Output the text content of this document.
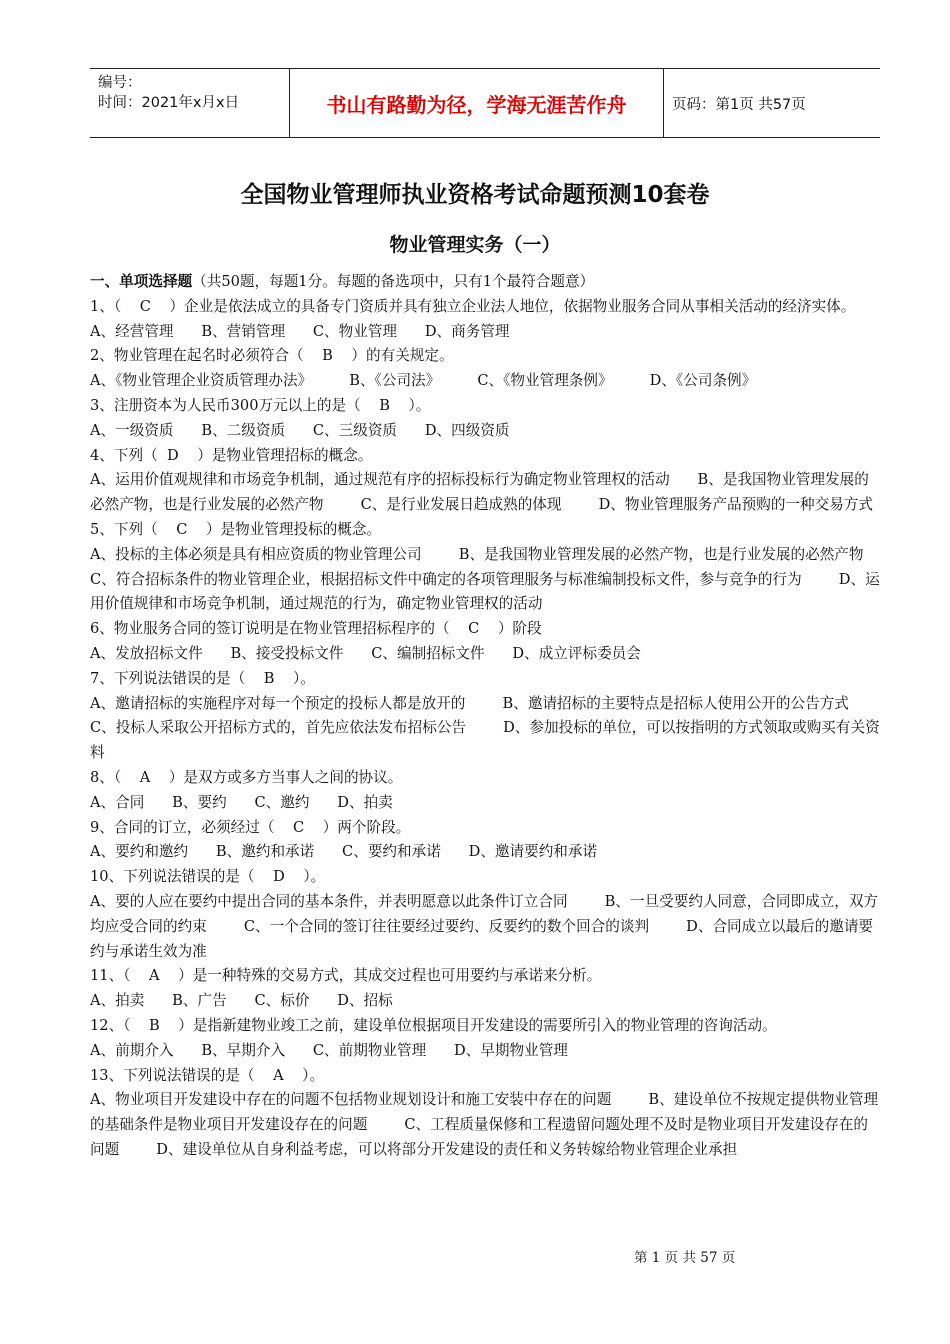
编号：
时间：2021年x月x日	书山有路勤为径，学海无涯苦作舟	页码：第1页 共57页
全国物业管理师执业资格考试命题预测10套卷
物业管理实务（一）

一、单项选择题（共50题，每题1分。每题的备选项中，只有1个最符合题意）

1、（    C    ）企业是依法成立的具备专门资质并具有独立企业法人地位，依据物业服务合同从事相关活动的经济实体。

A、经营管理      B、营销管理      C、物业管理      D、商务管理

2、物业管理在起名时必须符合（    B    ）的有关规定。

A、《物业管理企业资质管理办法》        B、《公司法》        C、《物业管理条例》        D、《公司条例》

3、注册资本为人民币300万元以上的是（    B    ）。

A、一级资质      B、二级资质      C、三级资质      D、四级资质

4、下列（  D    ）是物业管理招标的概念。

A、运用价值观规律和市场竞争机制，通过规范有序的招标投标行为确定物业管理权的活动      B、是我国物业管理发展的必然产物，也是行业发展的必然产物        C、是行业发展日趋成熟的体现        D、物业管理服务产品预购的一种交易方式

5、下列（    C    ）是物业管理投标的概念。

A、投标的主体必须是具有相应资质的物业管理公司        B、是我国物业管理发展的必然产物，也是行业发展的必然产物        C、符合招标条件的物业管理企业，根据招标文件中确定的各项管理服务与标准编制投标文件，参与竞争的行为        D、运用价值规律和市场竞争机制，通过规范的行为，确定物业管理权的活动

6、物业服务合同的签订说明是在物业管理招标程序的（    C    ）阶段

A、发放招标文件      B、接受投标文件      C、编制招标文件      D、成立评标委员会

7、下列说法错误的是（    B    ）。

A、邀请招标的实施程序对每一个预定的投标人都是放开的        B、邀请招标的主要特点是招标人使用公开的公告方式        C、投标人采取公开招标方式的，首先应依法发布招标公告        D、参加投标的单位，可以按指明的方式领取或购买有关资料

8、（    A    ）是双方或多方当事人之间的协议。

A、合同      B、要约      C、邀约      D、拍卖

9、合同的订立，必须经过（    C    ）两个阶段。

A、要约和邀约      B、邀约和承诺      C、要约和承诺      D、邀请要约和承诺

10、下列说法错误的是（    D    ）。

A、要的人应在要约中提出合同的基本条件，并表明愿意以此条件订立合同        B、一旦受要约人同意，合同即成立，双方均应受合同的约束        C、一个合同的签订往往要经过要约、反要约的数个回合的谈判        D、合同成立以最后的邀请要约与承诺生效为准

11、（    A    ）是一种特殊的交易方式，其成交过程也可用要约与承诺来分析。

A、拍卖      B、广告      C、标价      D、招标

12、（    B    ）是指新建物业竣工之前，建设单位根据项目开发建设的需要所引入的物业管理的咨询活动。

A、前期介入      B、早期介入      C、前期物业管理      D、早期物业管理

13、下列说法错误的是（    A    ）。

A、物业项目开发建设中存在的问题不包括物业规划设计和施工安装中存在的问题        B、建设单位不按规定提供物业管理的基础条件是物业项目开发建设存在的问题        C、工程质量保修和工程遗留问题处理不及时是物业项目开发建设存在的问题        D、建设单位从自身利益考虑，可以将部分开发建设的责任和义务转嫁给物业管理企业承担

第 1 页 共 57 页
